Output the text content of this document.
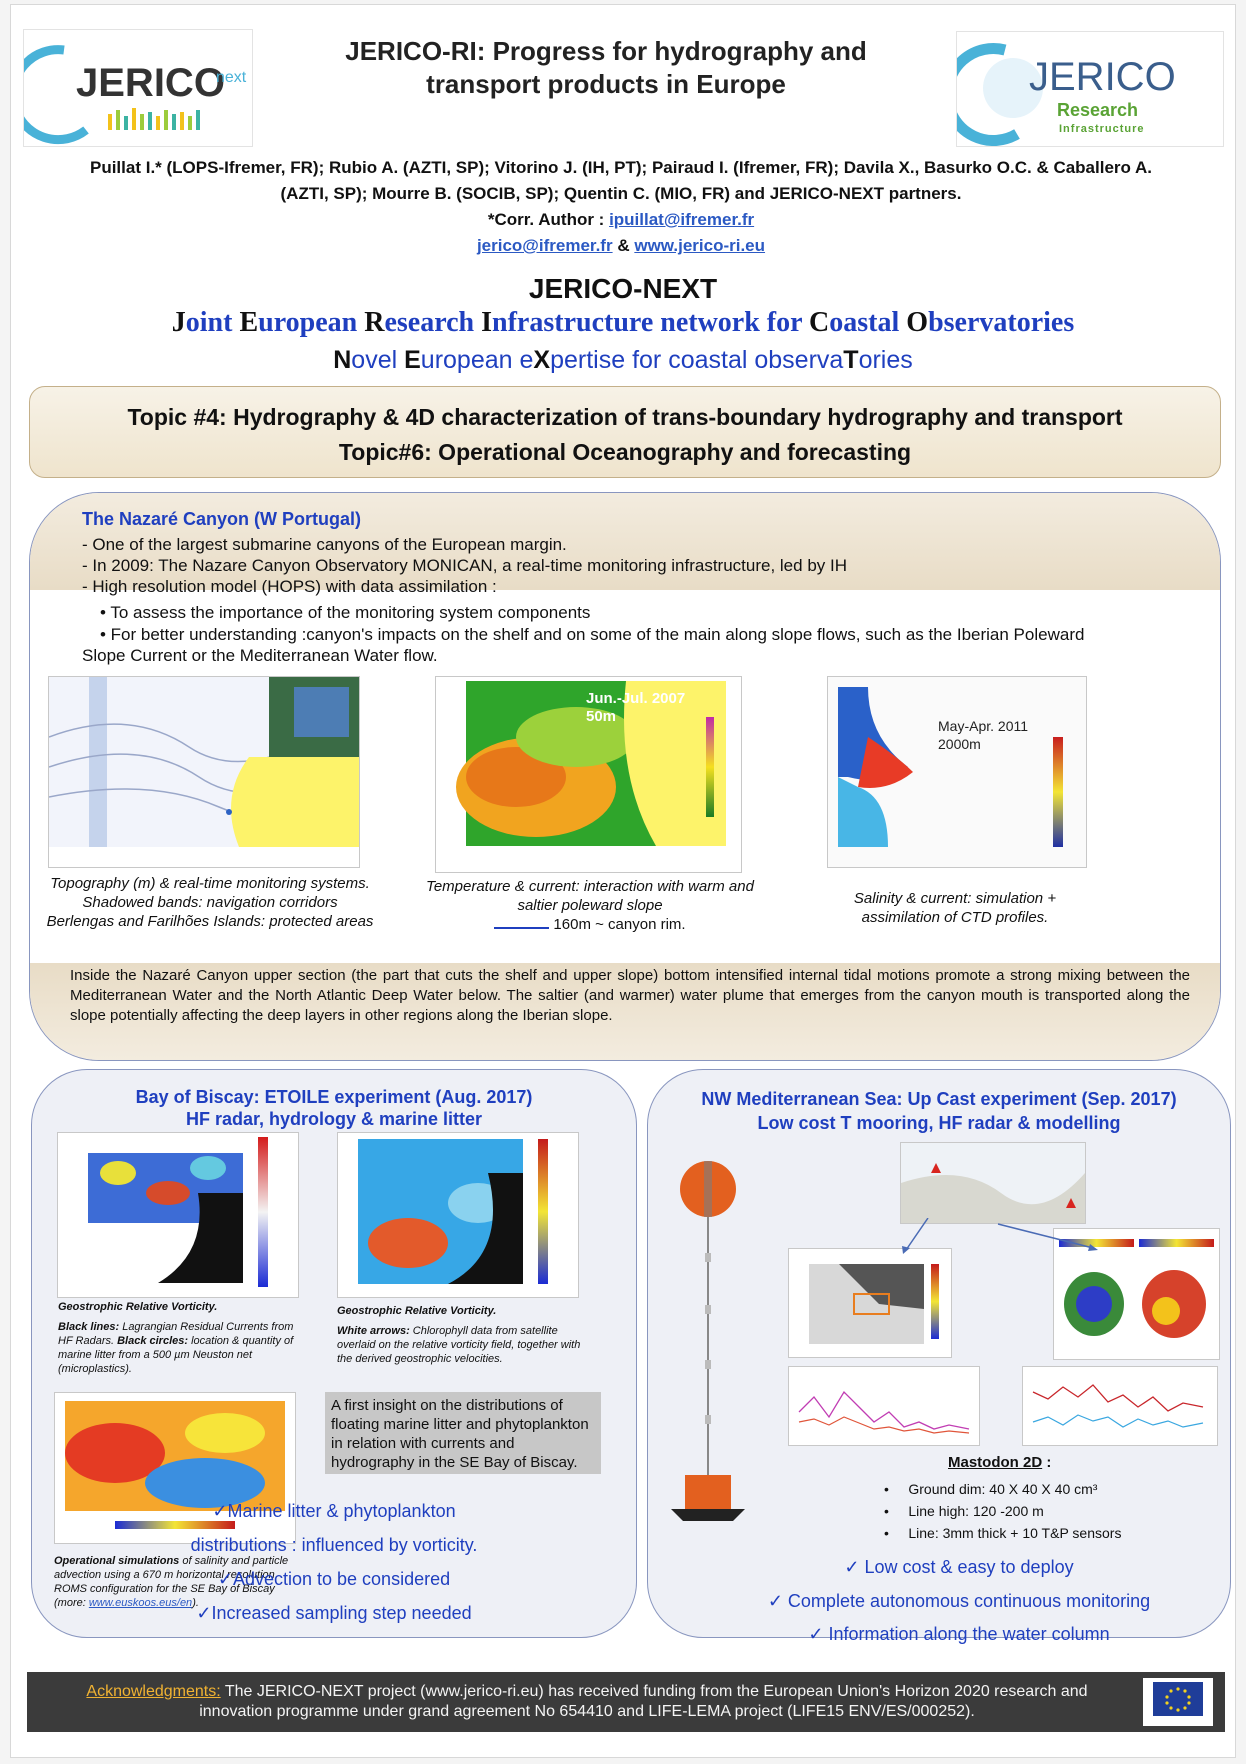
JERICO
next
JERICO-RI: Progress for hydrography and
transport products in Europe	JERICO
Research
Infrastructure
Puillat I.* (LOPS-Ifremer, FR); Rubio A. (AZTI, SP); Vitorino J. (IH, PT); Pairaud I. (Ifremer, FR); Davila X., Basurko O.C. & Caballero A.
(AZTI, SP); Mourre B. (SOCIB, SP); Quentin C. (MIO, FR) and JERICO-NEXT partners.
*Corr. Author : ipuillat@ifremer.fr
jerico@ifremer.fr & www.jerico-ri.eu
JERICO-NEXT
Joint European Research Infrastructure network for Coastal Observatories
Novel European eXpertise for coastal observaTories
Topic #4: Hydrography & 4D characterization of trans-boundary hydrography and transport
Topic#6: Operational Oceanography and forecasting
The Nazaré Canyon (W Portugal)
- One of the largest submarine canyons of the European margin.
- In 2009: The Nazare Canyon Observatory MONICAN, a real-time monitoring infrastructure, led by IH
- High resolution model (HOPS) with data assimilation :
• To assess the importance of the monitoring system components
• For better understanding :canyon's impacts on the shelf and on some of the main along slope flows, such as the Iberian Poleward
Slope Current or the Mediterranean Water flow.
Jun.-Jul. 2007
50m
May-Apr. 2011
2000m
Topography (m) & real-time monitoring systems.
Shadowed bands: navigation corridors
Berlengas and Farilhões Islands: protected areas
Temperature & current: interaction with warm and
saltier poleward slope
160m ~ canyon rim.
Salinity & current: simulation +
assimilation of CTD profiles.
Inside the Nazaré Canyon upper section (the part that cuts the shelf and upper slope) bottom intensified internal tidal motions promote a strong mixing between the Mediterranean Water and the North Atlantic Deep Water below. The saltier (and warmer) water plume that emerges from the canyon mouth is transported along the slope potentially affecting the deep layers in other regions along the Iberian slope.
Bay of Biscay: ETOILE experiment (Aug. 2017)
HF radar, hydrology & marine litter
Geostrophic Relative Vorticity.
Black lines: Lagrangian Residual Currents from HF Radars. Black circles: location & quantity of marine litter from a 500 µm Neuston net (microplastics).
Geostrophic Relative Vorticity.
White arrows: Chlorophyll data from satellite overlaid on the relative vorticity field, together with the derived geostrophic velocities.
Operational simulations of salinity and particle advection using a 670 m horizontal resolution ROMS configuration for the SE Bay of Biscay (more: www.euskoos.eus/en).
A first insight on the distributions of floating marine litter and phytoplankton in relation with currents and hydrography in the SE Bay of Biscay.
✓Marine litter & phytoplankton
distributions : influenced by vorticity.
✓Advection to be considered
✓Increased sampling step needed
NW Mediterranean Sea: Up Cast experiment (Sep. 2017)
Low cost T mooring, HF radar & modelling
Mastodon 2D :
•     Ground dim: 40 X 40 X 40 cm³
•     Line high: 120 -200 m
•     Line: 3mm thick + 10 T&P sensors
✓ Low cost & easy to deploy
✓ Complete autonomous continuous monitoring
✓ Information along the water column
Acknowledgments: The JERICO-NEXT project (www.jerico-ri.eu) has received funding from the European Union's Horizon 2020 research and
innovation programme under grand agreement No 654410 and LIFE-LEMA project (LIFE15 ENV/ES/000252).
